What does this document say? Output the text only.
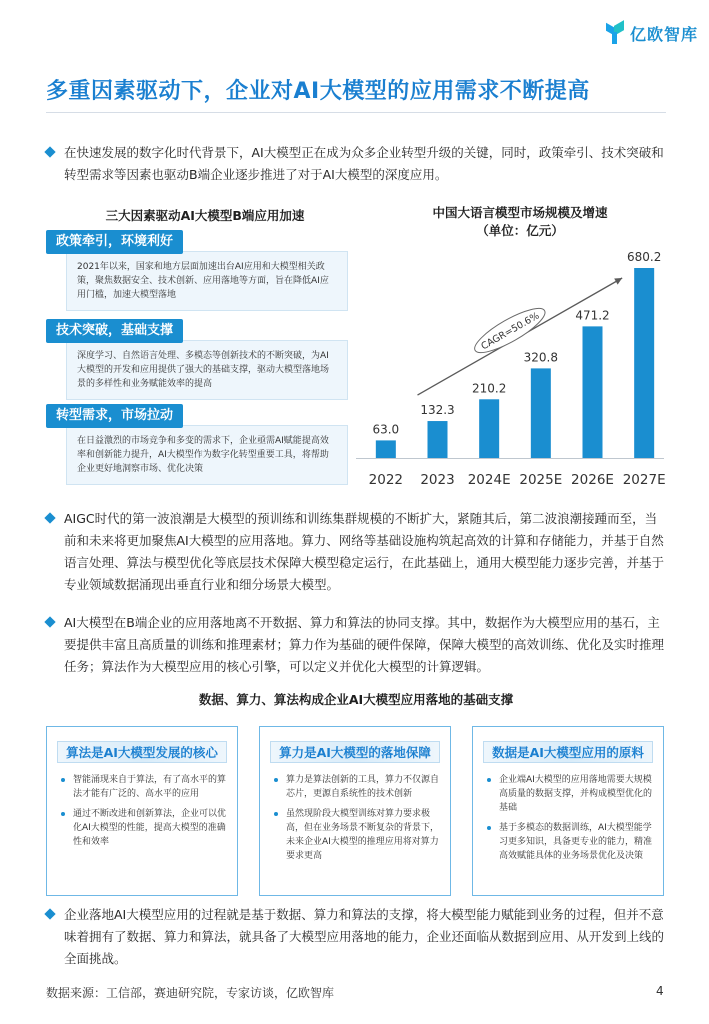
亿欧智库
多重因素驱动下，企业对AI大模型的应用需求不断提高
在快速发展的数字化时代背景下，AI大模型正在成为众多企业转型升级的关键，同时，政策牵引、技术突破和转型需求等因素也驱动B端企业逐步推进了对于AI大模型的深度应用。
三大因素驱动AI大模型B端应用加速
政策牵引，环境利好
2021年以来，国家和地方层面加速出台AI应用和大模型相关政策，聚焦数据安全、技术创新、应用落地等方面，旨在降低AI应用门槛，加速大模型落地
技术突破，基础支撑
深度学习、自然语言处理、多模态等创新技术的不断突破，为AI大模型的开发和应用提供了强大的基础支撑，驱动大模型落地场景的多样性和业务赋能效率的提高
转型需求，市场拉动
在日益激烈的市场竞争和多变的需求下，企业亟需AI赋能提高效率和创新能力提升，AI大模型作为数字化转型重要工具，将帮助企业更好地洞察市场、优化决策
中国大语言模型市场规模及增速
（单位：亿元）
63.0
2022
132.3
2023
210.2
2024E
320.8
2025E
471.2
2026E
680.2
2027E
CAGR=50.6%
AIGC时代的第一波浪潮是大模型的预训练和训练集群规模的不断扩大，紧随其后，第二波浪潮接踵而至，当前和未来将更加聚焦AI大模型的应用落地。算力、网络等基础设施构筑起高效的计算和存储能力，并基于自然语言处理、算法与模型优化等底层技术保障大模型稳定运行，在此基础上，通用大模型能力逐步完善，并基于专业领域数据涌现出垂直行业和细分场景大模型。
AI大模型在B端企业的应用落地离不开数据、算力和算法的协同支撑。其中，数据作为大模型应用的基石，主要提供丰富且高质量的训练和推理素材；算力作为基础的硬件保障，保障大模型的高效训练、优化及实时推理任务；算法作为大模型应用的核心引擎，可以定义并优化大模型的计算逻辑。
数据、算力、算法构成企业AI大模型应用落地的基础支撑
算法是AI大模型发展的核心
智能涌现来自于算法，有了高水平的算法才能有广泛的、高水平的应用
通过不断改进和创新算法，企业可以优化AI大模型的性能，提高大模型的准确性和效率
算力是AI大模型的落地保障
算力是算法创新的工具，算力不仅源自芯片，更源自系统性的技术创新
虽然现阶段大模型训练对算力要求极高，但在业务场景不断复杂的背景下，未来企业AI大模型的推理应用将对算力要求更高
数据是AI大模型应用的原料
企业端AI大模型的应用落地需要大规模高质量的数据支撑，并构成模型优化的基础
基于多模态的数据训练，AI大模型能学习更多知识，具备更专业的能力，精准高效赋能具体的业务场景优化及决策
企业落地AI大模型应用的过程就是基于数据、算力和算法的支撑，将大模型能力赋能到业务的过程，但并不意味着拥有了数据、算力和算法，就具备了大模型应用落地的能力，企业还面临从数据到应用、从开发到上线的全面挑战。
数据来源：工信部，赛迪研究院，专家访谈，亿欧智库	4
